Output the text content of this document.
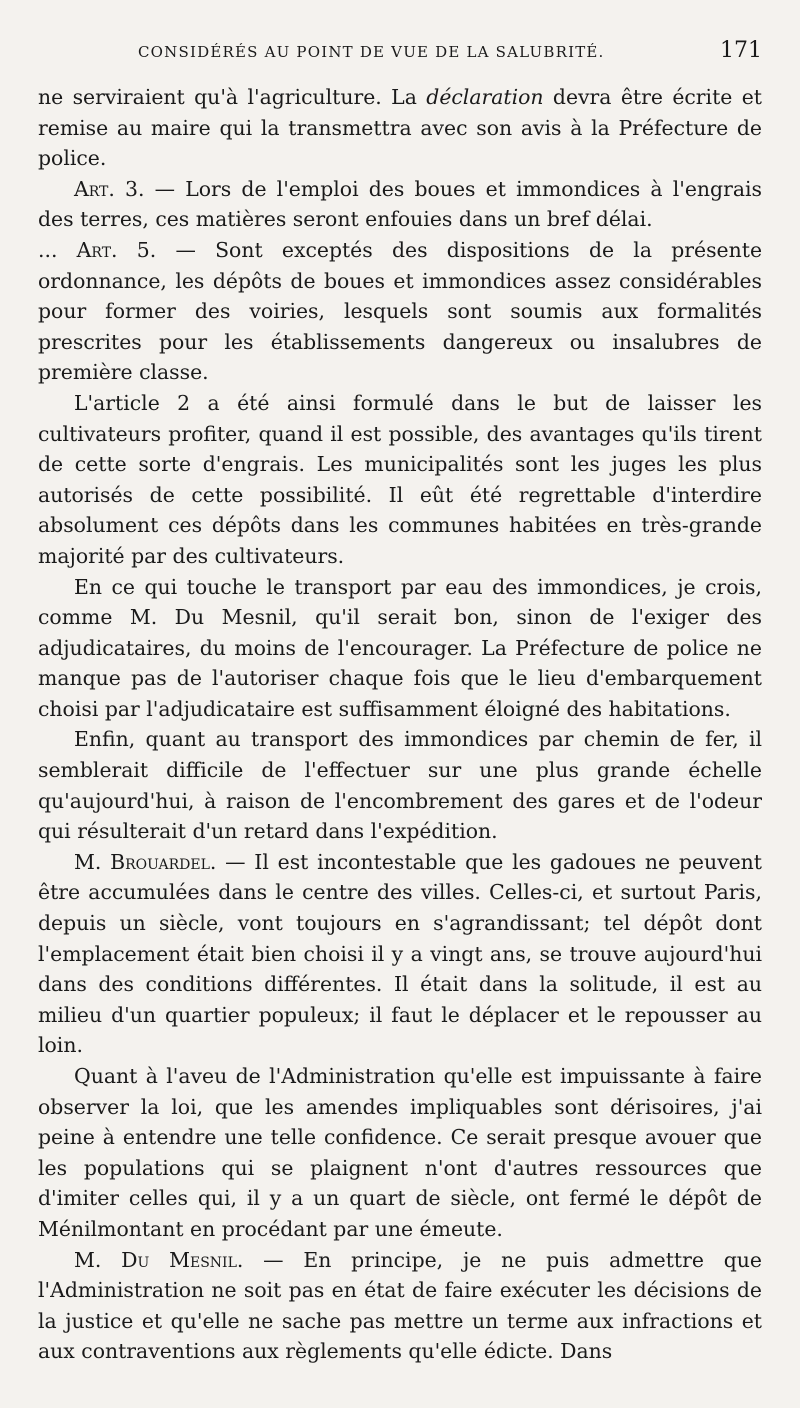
CONSIDÉRÉS AU POINT DE VUE DE LA SALUBRITÉ.	171

ne serviraient qu'à l'agriculture. La déclaration devra être écrite et remise au maire qui la transmettra avec son avis à la Préfecture de police.

Art. 3. — Lors de l'emploi des boues et immondices à l'engrais des terres, ces matières seront enfouies dans un bref délai.

... Art. 5. — Sont exceptés des dispositions de la présente ordonnance, les dépôts de boues et immondices assez considérables pour former des voiries, lesquels sont soumis aux formalités prescrites pour les établissements dangereux ou insalubres de première classe.

L'article 2 a été ainsi formulé dans le but de laisser les cultivateurs profiter, quand il est possible, des avantages qu'ils tirent de cette sorte d'engrais. Les municipalités sont les juges les plus autorisés de cette possibilité. Il eût été regrettable d'interdire absolument ces dépôts dans les communes habitées en très-grande majorité par des cultivateurs.

En ce qui touche le transport par eau des immondices, je crois, comme M. Du Mesnil, qu'il serait bon, sinon de l'exiger des adjudicataires, du moins de l'encourager. La Préfecture de police ne manque pas de l'autoriser chaque fois que le lieu d'embarquement choisi par l'adjudicataire est suffisamment éloigné des habitations.

Enfin, quant au transport des immondices par chemin de fer, il semblerait difficile de l'effectuer sur une plus grande échelle qu'aujourd'hui, à raison de l'encombrement des gares et de l'odeur qui résulterait d'un retard dans l'expédition.

M. Brouardel. — Il est incontestable que les gadoues ne peuvent être accumulées dans le centre des villes. Celles-ci, et surtout Paris, depuis un siècle, vont toujours en s'agrandissant; tel dépôt dont l'emplacement était bien choisi il y a vingt ans, se trouve aujourd'hui dans des conditions différentes. Il était dans la solitude, il est au milieu d'un quartier populeux; il faut le déplacer et le repousser au loin.

Quant à l'aveu de l'Administration qu'elle est impuissante à faire observer la loi, que les amendes impliquables sont dérisoires, j'ai peine à entendre une telle confidence. Ce serait presque avouer que les populations qui se plaignent n'ont d'autres ressources que d'imiter celles qui, il y a un quart de siècle, ont fermé le dépôt de Ménilmontant en procédant par une émeute.

M. Du Mesnil. — En principe, je ne puis admettre que l'Administration ne soit pas en état de faire exécuter les décisions de la justice et qu'elle ne sache pas mettre un terme aux infractions et aux contraventions aux règlements qu'elle édicte. Dans
